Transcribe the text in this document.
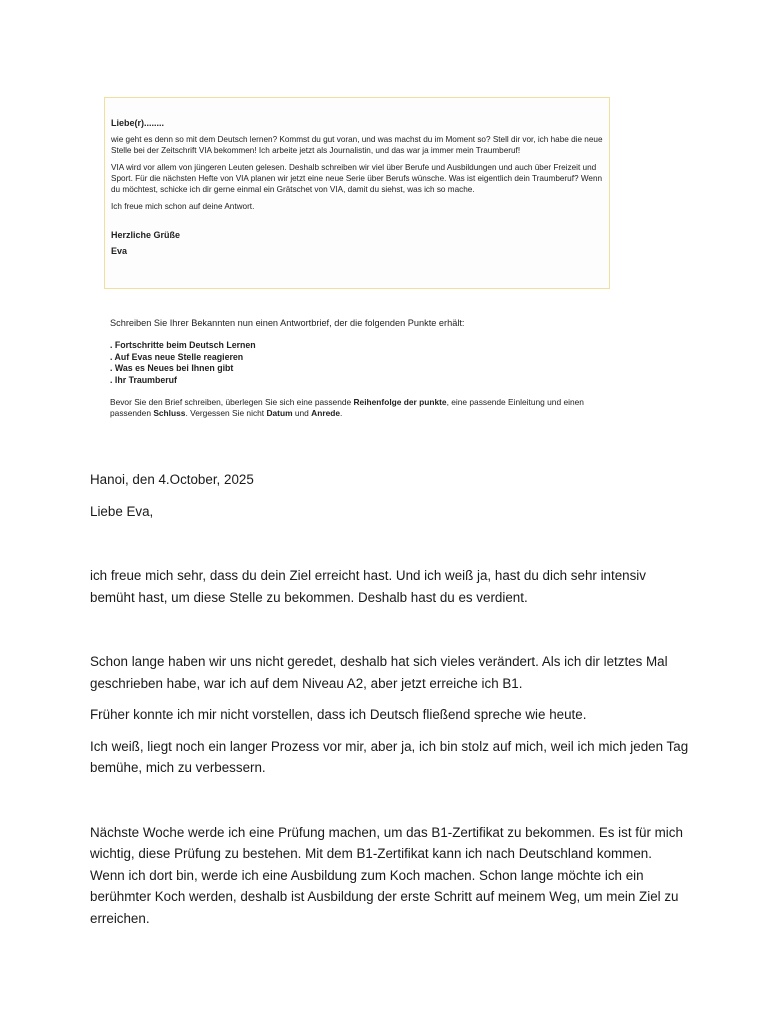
Liebe(r)........

wie geht es denn so mit dem Deutsch lernen? Kommst du gut voran, und was machst du im Moment so? Stell dir vor, ich habe die neue Stelle bei der Zeitschrift VIA bekommen! Ich arbeite jetzt als Journalistin, und das war ja immer mein Traumberuf!

VIA wird vor allem von jüngeren Leuten gelesen. Deshalb schreiben wir viel über Berufe und Ausbildungen und auch über Freizeit und Sport. Für die nächsten Hefte von VIA planen wir jetzt eine neue Serie über Berufs wünsche. Was ist eigentlich dein Traumberuf? Wenn du möchtest, schicke ich dir gerne einmal ein Grätschet von VIA, damit du siehst, was ich so mache.

Ich freue mich schon auf deine Antwort.

Herzliche Grüße

Eva

Schreiben Sie Ihrer Bekannten nun einen Antwortbrief, der die folgenden Punkte erhält:

. Fortschritte beim Deutsch Lernen
. Auf Evas neue Stelle reagieren
. Was es Neues bei Ihnen gibt
. Ihr Traumberuf

Bevor Sie den Brief schreiben, überlegen Sie sich eine passende Reihenfolge der punkte, eine passende Einleitung und einen passenden Schluss. Vergessen Sie nicht Datum und Anrede.

Hanoi, den 4.October, 2025

Liebe Eva,

ich freue mich sehr, dass du dein Ziel erreicht hast. Und ich weiß ja, hast du dich sehr intensiv bemüht hast, um diese Stelle zu bekommen. Deshalb hast du es verdient.

Schon lange haben wir uns nicht geredet, deshalb hat sich vieles verändert. Als ich dir letztes Mal geschrieben habe, war ich auf dem Niveau A2, aber jetzt erreiche ich B1.

Früher konnte ich mir nicht vorstellen, dass ich Deutsch fließend spreche wie heute.

Ich weiß, liegt noch ein langer Prozess vor mir, aber ja, ich bin stolz auf mich, weil ich mich jeden Tag bemühe, mich zu verbessern.

Nächste Woche werde ich eine Prüfung machen, um das B1-Zertifikat zu bekommen. Es ist für mich wichtig, diese Prüfung zu bestehen. Mit dem B1-Zertifikat kann ich nach Deutschland kommen. Wenn ich dort bin, werde ich eine Ausbildung zum Koch machen. Schon lange möchte ich ein berühmter Koch werden, deshalb ist Ausbildung der erste Schritt auf meinem Weg, um mein Ziel zu erreichen.
